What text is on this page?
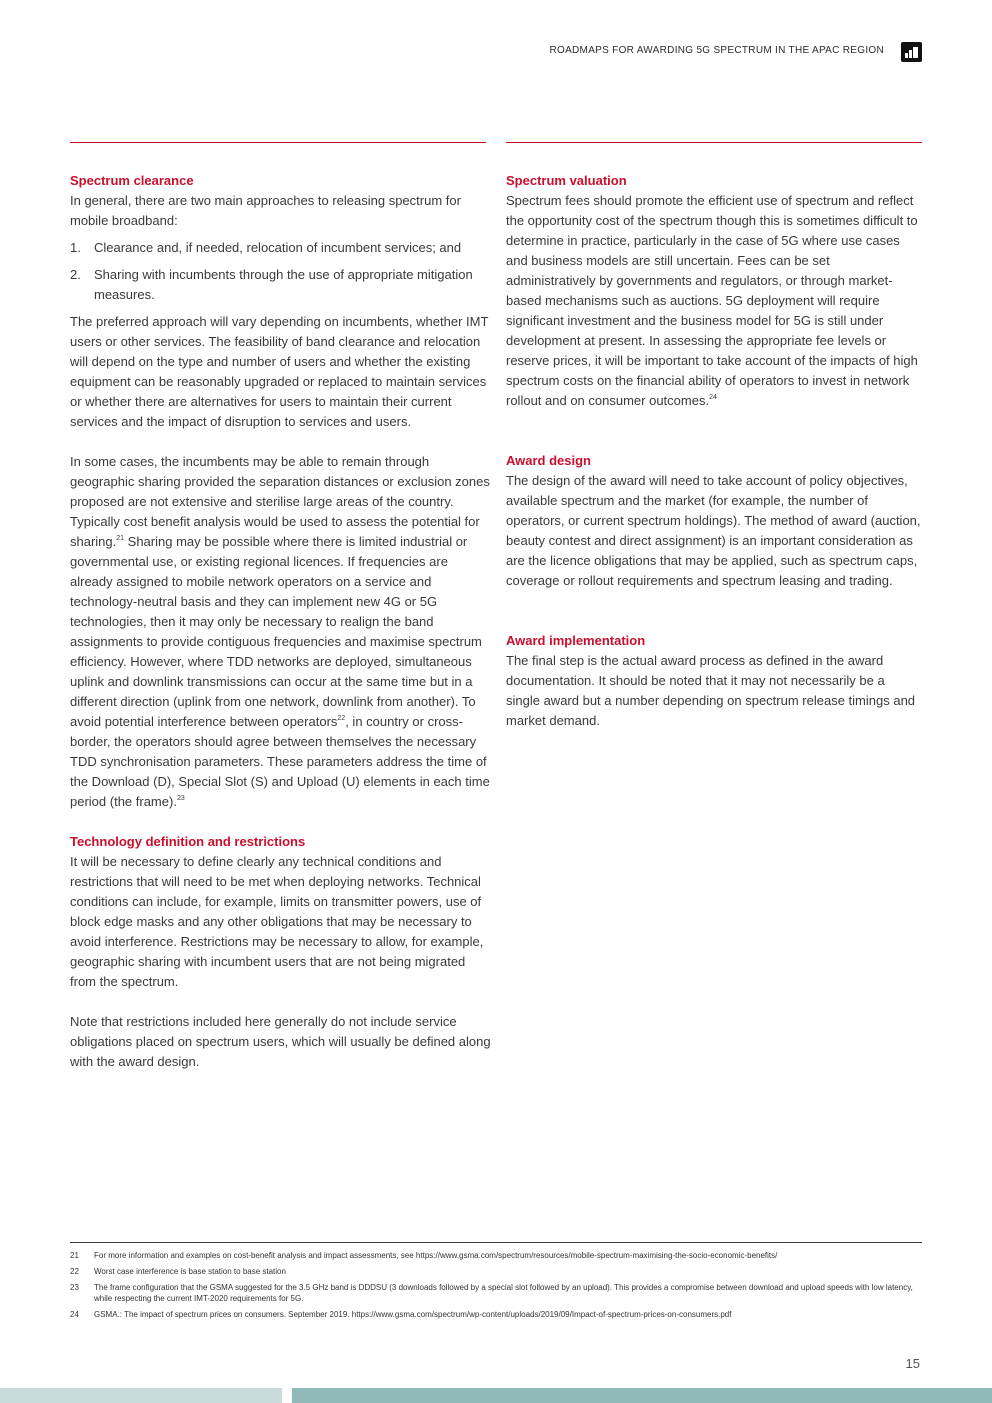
ROADMAPS FOR AWARDING 5G SPECTRUM IN THE APAC REGION
Spectrum clearance

In general, there are two main approaches to releasing spectrum for mobile broadband:

1. Clearance and, if needed, relocation of incumbent services; and
2. Sharing with incumbents through the use of appropriate mitigation measures.

The preferred approach will vary depending on incumbents, whether IMT users or other services. The feasibility of band clearance and relocation will depend on the type and number of users and whether the existing equipment can be reasonably upgraded or replaced to maintain services or whether there are alternatives for users to maintain their current services and the impact of disruption to services and users.

In some cases, the incumbents may be able to remain through geographic sharing provided the separation distances or exclusion zones proposed are not extensive and sterilise large areas of the country. Typically cost benefit analysis would be used to assess the potential for sharing.$^{21}$ Sharing may be possible where there is limited industrial or governmental use, or existing regional licences. If frequencies are already assigned to mobile network operators on a service and technology-neutral basis and they can implement new 4G or 5G technologies, then it may only be necessary to realign the band assignments to provide contiguous frequencies and maximise spectrum efficiency. However, where TDD networks are deployed, simultaneous uplink and downlink transmissions can occur at the same time but in a different direction (uplink from one network, downlink from another). To avoid potential interference between operators$^{22}$, in country or cross-border, the operators should agree between themselves the necessary TDD synchronisation parameters. These parameters address the time of the Download (D), Special Slot (S) and Upload (U) elements in each time period (the frame).$^{23}$

Technology definition and restrictions

It will be necessary to define clearly any technical conditions and restrictions that will need to be met when deploying networks. Technical conditions can include, for example, limits on transmitter powers, use of block edge masks and any other obligations that may be necessary to avoid interference. Restrictions may be necessary to allow, for example, geographic sharing with incumbent users that are not being migrated from the spectrum.

Note that restrictions included here generally do not include service obligations placed on spectrum users, which will usually be defined along with the award design.

Spectrum valuation

Spectrum fees should promote the efficient use of spectrum and reflect the opportunity cost of the spectrum though this is sometimes difficult to determine in practice, particularly in the case of 5G where use cases and business models are still uncertain. Fees can be set administratively by governments and regulators, or through market-based mechanisms such as auctions. 5G deployment will require significant investment and the business model for 5G is still under development at present. In assessing the appropriate fee levels or reserve prices, it will be important to take account of the impacts of high spectrum costs on the financial ability of operators to invest in network rollout and on consumer outcomes.$^{24}$

Award design

The design of the award will need to take account of policy objectives, available spectrum and the market (for example, the number of operators, or current spectrum holdings). The method of award (auction, beauty contest and direct assignment) is an important consideration as are the licence obligations that may be applied, such as spectrum caps, coverage or rollout requirements and spectrum leasing and trading.

Award implementation

The final step is the actual award process as defined in the award documentation. It should be noted that it may not necessarily be a single award but a number depending on spectrum release timings and market demand.

21 For more information and examples on cost-benefit analysis and impact assessments, see https://www.gsma.com/spectrum/resources/mobile-spectrum-maximising-the-socio-economic-benefits/
22 Worst case interference is base station to base station
23 The frame configuration that the GSMA suggested for the 3.5 GHz band is DDDSU (3 downloads followed by a special slot followed by an upload). This provides a compromise between download and upload speeds with low latency, while respecting the current IMT-2020 requirements for 5G.
24 GSMA.: The impact of spectrum prices on consumers. September 2019. https://www.gsma.com/spectrum/wp-content/uploads/2019/09/Impact-of-spectrum-prices-on-consumers.pdf
15
